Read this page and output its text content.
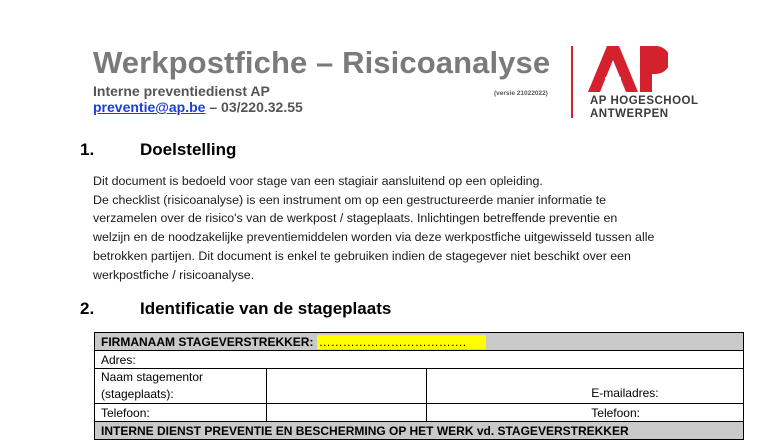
Werkpostfiche – Risicoanalyse
Interne preventiedienst AP	(versie 21022022)
preventie@ap.be – 03/220.32.55	AP HOGESCHOOL
ANTWERPEN
1.	Doelstelling
Dit document is bedoeld voor stage van een stagiair aansluitend op een opleiding.
De checklist (risicoanalyse) is een instrument om op een gestructureerde manier informatie te
verzamelen over de risico's van de werkpost / stageplaats. Inlichtingen betreffende preventie en
welzijn en de noodzakelijke preventiemiddelen worden via deze werkpostfiche uitgewisseld tussen alle
betrokken partijen. Dit document is enkel te gebruiken indien de stagegever niet beschikt over een
werkpostfiche / risicoanalyse.
2.	Identificatie van de stageplaats
FIRMANAAM STAGEVERSTREKKER: ……………………………….		
Adres:		

Naam stagementor
(stageplaats):		E-mailadres:
Telefoon:		Telefoon:
INTERNE DIENST PREVENTIE EN BESCHERMING OP HET WERK vd. STAGEVERSTREKKER		
